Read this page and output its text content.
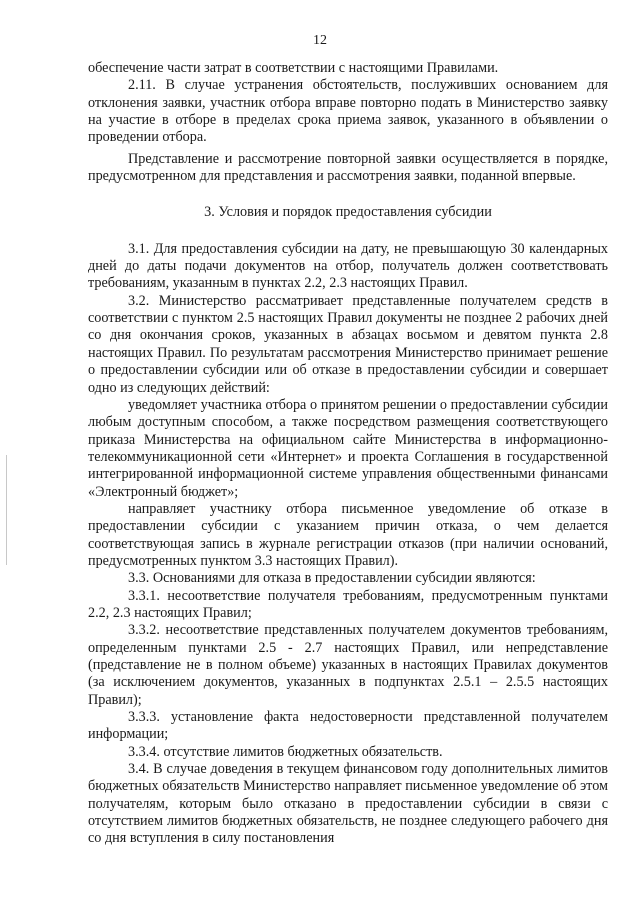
12

обеспечение части затрат в соответствии с настоящими Правилами.

2.11. В случае устранения обстоятельств, послуживших основанием для отклонения заявки, участник отбора вправе повторно подать в Министерство заявку на участие в отборе в пределах срока приема заявок, указанного в объявлении о проведении отбора.

Представление и рассмотрение повторной заявки осуществляется в порядке, предусмотренном для представления и рассмотрения заявки, поданной впервые.

3. Условия и порядок предоставления субсидии

3.1. Для предоставления субсидии на дату, не превышающую 30 календарных дней до даты подачи документов на отбор, получатель должен соответствовать требованиям, указанным в пунктах 2.2, 2.3 настоящих Правил.

3.2. Министерство рассматривает представленные получателем средств в соответствии с пунктом 2.5 настоящих Правил документы не позднее 2 рабочих дней со дня окончания сроков, указанных в абзацах восьмом и девятом пункта 2.8 настоящих Правил. По результатам рассмотрения Министерство принимает решение о предоставлении субсидии или об отказе в предоставлении субсидии и совершает одно из следующих действий:

уведомляет участника отбора о принятом решении о предоставлении субсидии любым доступным способом, а также посредством размещения соответствующего приказа Министерства на официальном сайте Министерства в информационно-телекоммуникационной сети «Интернет» и проекта Соглашения в государственной интегрированной информационной системе управления общественными финансами «Электронный бюджет»;

направляет участнику отбора письменное уведомление об отказе в предоставлении субсидии с указанием причин отказа, о чем делается соответствующая запись в журнале регистрации отказов (при наличии оснований, предусмотренных пунктом 3.3 настоящих Правил).

3.3. Основаниями для отказа в предоставлении субсидии являются:

3.3.1. несоответствие получателя требованиям, предусмотренным пунктами 2.2, 2.3 настоящих Правил;

3.3.2. несоответствие представленных получателем документов требованиям, определенным пунктами 2.5 - 2.7 настоящих Правил, или непредставление (представление не в полном объеме) указанных в настоящих Правилах документов (за исключением документов, указанных в подпунктах 2.5.1 – 2.5.5 настоящих Правил);

3.3.3. установление факта недостоверности представленной получателем информации;

3.3.4. отсутствие лимитов бюджетных обязательств.

3.4. В случае доведения в текущем финансовом году дополнительных лимитов бюджетных обязательств Министерство направляет письменное уведомление об этом получателям, которым было отказано в предоставлении субсидии в связи с отсутствием лимитов бюджетных обязательств, не позднее следующего рабочего дня со дня вступления в силу постановления
